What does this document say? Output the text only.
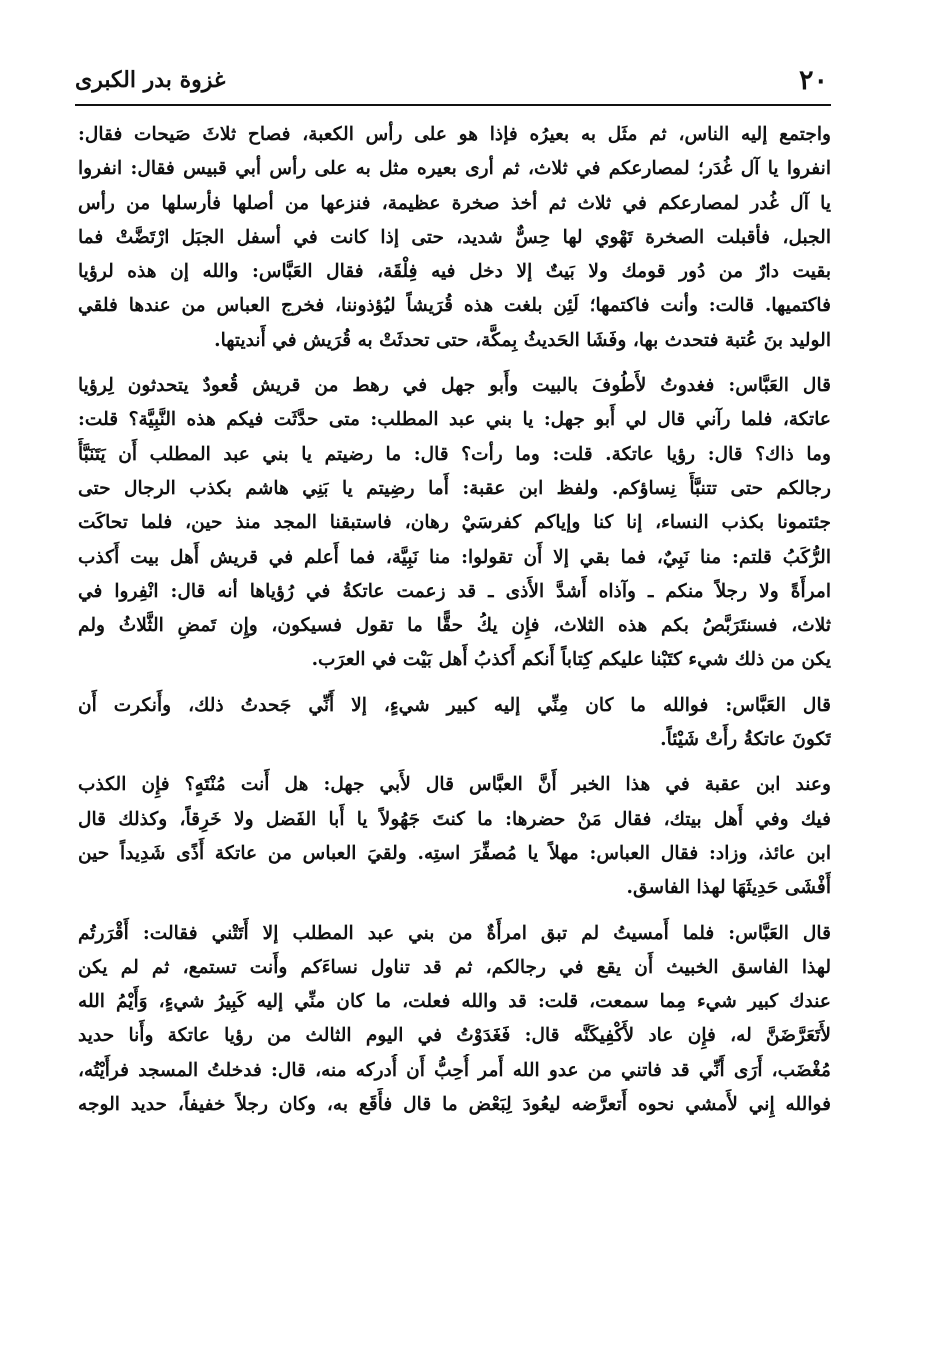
٢٠
غزوة بدر الكبرى
واجتمع إليه الناس، ثم مثَل به بعيرُه فإذا هو على رأس الكعبة، فصاح ثلاثَ صَيحات فقال:
انفروا يا آل غُدَر؛ لمصارعكم في ثلاث، ثم أرى بعيره مثل به على رأس أبي قبيس فقال: انفروا
يا آل غُدر لمصارعكم في ثلاث ثم أخذ صخرة عظيمة، فنزعها من أصلها فأرسلها من رأس
الجبل، فأقبلت الصخرة تَهْوي لها حِسٌّ شديد، حتى إذا كانت في أسفل الجبَل ارْتَضَّتْ فما
بقيت دارٌ من دُور قومك ولا بَيتٌ إلا دخل فيه فِلْقَة، فقال العَبَّاس: والله إن هذه لرؤيا
فاكتميها. قالت: وأنت فاكتمها؛ لَئِن بلغت هذه قُرَيشاً ليُؤذوننا، فخرج العباس من عندها فلقي
الوليد بنَ عُتبة فتحدث بها، وفَشَا الحَديثُ بِمكَّة، حتى تحدثَتْ به قُرَيش في أَنديتها.
قال العَبَّاس: فغدوتُ لأَطُوفَ بالبيت وأَبو جهل في رهط من قريش قُعودٌ يتحدثون لِرؤيا
عاتكة، فلما رآني قال لي أَبو جهل: يا بني عبد المطلب: متى حدَّثَت فيكم هذه النَّبِيَّة؟ قلت:
وما ذاك؟ قال: رؤيا عاتكة. قلت: وما رأت؟ قال: ما رضيتم يا بني عبد المطلب أَن يَتَنَبَّأَ
رجالكم حتى تتنبَّأَ نِساؤكم. ولفظ ابن عقبة: أَما رضِيتم يا بَنِي هاشم بكذب الرجال حتى
جئتمونا بكذب النساء، إنا كنا وإياكم كفرسَيْ رهان، فاستبقنا المجد منذ حين، فلما تحاكَت
الرُّكَبُ قلتم: منا نَبِيٌ، فما بقي إلا أَن تقولوا: منا نَبِيَّة، فما أَعلم في قريش أَهل بيت أَكذب
امرأَةً ولا رجلاً منكم ـ وآذاه أَشدَّ الأَذى ـ قد زعمت عاتكةُ في رُؤياها أنه قال: انْفِروا في
ثلاث، فسنتَرَبَّصُ بكم هذه الثلاث، فإِن يكُ حقًّا ما تقول فسيكون، وإِن تَمضِ الثَّلاثُ ولم
يكن من ذلك شيء كتَبْنا عليكم كِتاباً أَنكم أَكذبُ أَهل بَيْت في العرَب.
قال العَبَّاس: فوالله ما كان مِنِّي إليه كبير شيءٍ، إلا أَنِّي جَحدتُ ذلك، وأَنكرت أَن
تَكونَ عاتكةُ رأَتْ شَيْئاً.
وعند ابن عقبة في هذا الخبر أَنَّ العبَّاس قال لأَبي جهل: هل أَنت مُنْتَهٍ؟ فإِن الكذب
فيك وفي أَهل بيتك، فقال مَنْ حضرها: ما كنتَ جَهُولاً يا أَبا الفَضل ولا خَرِقاً، وكذلك قال
ابن عائذ، وزاد: فقال العباس: مهلاً يا مُصفِّرَ استِه. ولقيَ العباس من عاتكة أَذًى شَدِيداً حين
أَفْشَى حَدِيثَهَا لهذا الفاسق.
قال العَبَّاس: فلما أَمسيتُ لم تبق امرأَةٌ من بني عبد المطلب إلا أَتَتْني فقالت: أَقْرَرتُم
لهذا الفاسق الخبيث أَن يقع في رجالكم، ثم قد تناول نساءَكم وأَنت تستمع، ثم لم يكن
عندك كبير شيء مِما سمعت، قلت: قد والله فعلت، ما كان منِّي إليه كَبِيرُ شيءٍ، وَأَيْمُ الله
لأَتَعَرَّضَنَّ له، فإِن عاد لأَكْفِيكَنَّه قال: فَغَدَوْتُ في اليوم الثالث من رؤيا عاتكة وأَنا حديد
مُغْضَب، أَرَى أَنِّي قد فاتني من عدو الله أَمر أُحِبُّ أَن أُدركه منه، قال: فدخلتُ المسجد فرأَيْتُه،
فوالله إِني لأَمشي نحوه أَتعرَّضه ليعُودَ لِبَعْض ما قال فأَقَع به، وكان رجلاً خفيفاً، حديد الوجه
